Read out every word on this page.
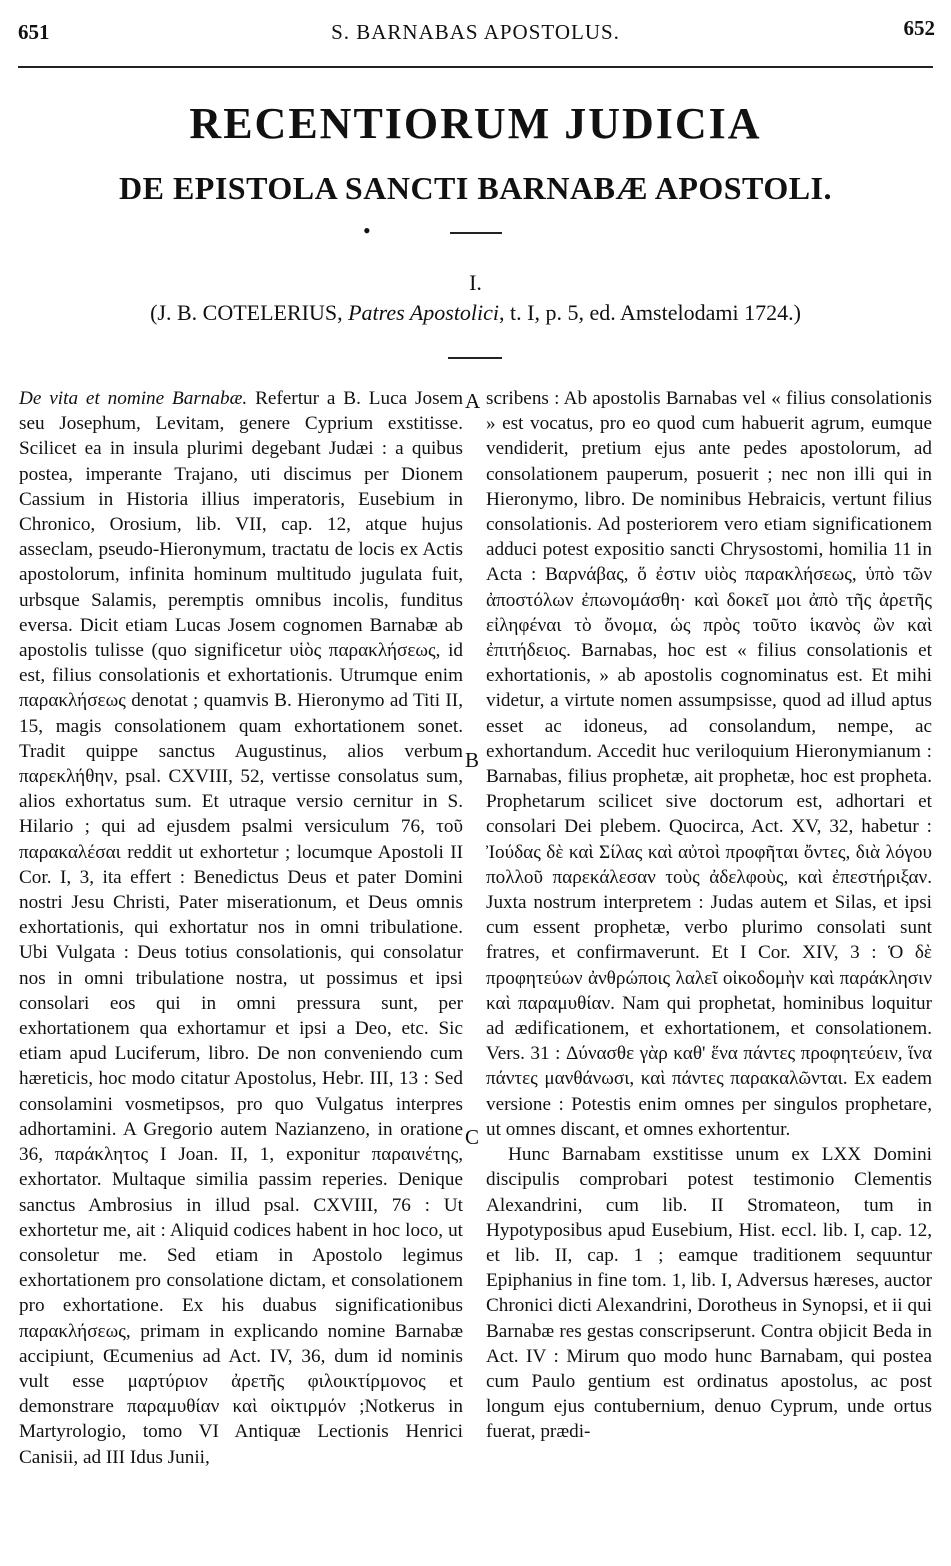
651	S. BARNABAS APOSTOLUS.	652
RECENTIORUM JUDICIA
DE EPISTOLA SANCTI BARNABÆ APOSTOLI.
•
I.
(J. B. COTELERIUS, Patres Apostolici, t. I, p. 5, ed. Amstelodami 1724.)

De vita et nomine Barnabæ. Refertur a B. Luca Josem seu Josephum, Levitam, genere Cyprium exstitisse. Scilicet ea in insula plurimi degebant Judæi : a quibus postea, imperante Trajano, uti discimus per Dionem Cassium in Historia illius imperatoris, Eusebium in Chronico, Orosium, lib. VII, cap. 12, atque hujus asseclam, pseudo-Hieronymum, tractatu de locis ex Actis apostolorum, infinita hominum multitudo jugulata fuit, urbsque Salamis, peremptis omnibus incolis, funditus eversa. Dicit etiam Lucas Josem cognomen Barnabæ ab apostolis tulisse (quo significetur υἱὸς παρακλήσεως, id est, filius consolationis et exhortationis. Utrumque enim παρακλήσεως denotat ; quamvis B. Hieronymo ad Titi II, 15, magis consolationem quam exhortationem sonet. Tradit quippe sanctus Augustinus, alios verbum παρεκλήθην, psal. CXVIII, 52, vertisse consolatus sum, alios exhortatus sum. Et utraque versio cernitur in S. Hilario ; qui ad ejusdem psalmi versiculum 76, τοῦ παρακαλέσαι reddit ut exhortetur ; locumque Apostoli II Cor. I, 3, ita effert : Benedictus Deus et pater Domini nostri Jesu Christi, Pater miserationum, et Deus omnis exhortationis, qui exhortatur nos in omni tribulatione. Ubi Vulgata : Deus totius consolationis, qui consolatur nos in omni tribulatione nostra, ut possimus et ipsi consolari eos qui in omni pressura sunt, per exhortationem qua exhortamur et ipsi a Deo, etc. Sic etiam apud Luciferum, libro. De non conveniendo cum hæreticis, hoc modo citatur Apostolus, Hebr. III, 13 : Sed consolamini vosmetipsos, pro quo Vulgatus interpres adhortamini. A Gregorio autem Nazianzeno, in oratione 36, παράκλητος I Joan. II, 1, exponitur παραινέτης, exhortator. Multaque similia passim reperies. Denique sanctus Ambrosius in illud psal. CXVIII, 76 : Ut exhortetur me, ait : Aliquid codices habent in hoc loco, ut consoletur me. Sed etiam in Apostolo legimus exhortationem pro consolatione dictam, et consolationem pro exhortatione. Ex his duabus significationibus παρακλήσεως, primam in explicando nomine Barnabæ accipiunt, Œcumenius ad Act. IV, 36, dum id nominis vult esse μαρτύριον ἀρετῆς φιλοικτίρμονος et demonstrare παραμυθίαν καὶ οἰκτιρμόν ;Notkerus in Martyrologio, tomo VI Antiquæ Lectionis Henrici Canisii, ad III Idus Junii,

A
B
C

scribens : Ab apostolis Barnabas vel « filius consolationis » est vocatus, pro eo quod cum habuerit agrum, eumque vendiderit, pretium ejus ante pedes apostolorum, ad consolationem pauperum, posuerit ; nec non illi qui in Hieronymo, libro. De nominibus Hebraicis, vertunt filius consolationis. Ad posteriorem vero etiam significationem adduci potest expositio sancti Chrysostomi, homilia 11 in Acta : Βαρνάβας, ὅ ἐστιν υἱὸς παρακλήσεως, ὑπὸ τῶν ἀποστόλων ἐπωνομάσθη· καὶ δοκεῖ μοι ἀπὸ τῆς ἀρετῆς εἰληφέναι τὸ ὄνομα, ὡς πρὸς τοῦτο ἱκανὸς ὢν καὶ ἐπιτήδειος. Barnabas, hoc est « filius consolationis et exhortationis, » ab apostolis cognominatus est. Et mihi videtur, a virtute nomen assumpsisse, quod ad illud aptus esset ac idoneus, ad consolandum, nempe, ac exhortandum. Accedit huc veriloquium Hieronymianum : Barnabas, filius prophetæ, ait prophetæ, hoc est propheta. Prophetarum scilicet sive doctorum est, adhortari et consolari Dei plebem. Quocirca, Act. XV, 32, habetur : Ἰούδας δὲ καὶ Σίλας καὶ αὐτοὶ προφῆται ὄντες, διὰ λόγου πολλοῦ παρεκάλεσαν τοὺς ἀδελφοὺς, καὶ ἐπεστήριξαν. Juxta nostrum interpretem : Judas autem et Silas, et ipsi cum essent prophetæ, verbo plurimo consolati sunt fratres, et confirmaverunt. Et I Cor. XIV, 3 : Ὁ δὲ προφητεύων ἀνθρώποις λαλεῖ οἰκοδομὴν καὶ παράκλησιν καὶ παραμυθίαν. Nam qui prophetat, hominibus loquitur ad ædificationem, et exhortationem, et consolationem. Vers. 31 : Δύνασθε γὰρ καθ' ἕνα πάντες προφητεύειν, ἵνα πάντες μανθάνωσι, καὶ πάντες παρακαλῶνται. Ex eadem versione : Potestis enim omnes per singulos prophetare, ut omnes discant, et omnes exhortentur.

Hunc Barnabam exstitisse unum ex LXX Domini discipulis comprobari potest testimonio Clementis Alexandrini, cum lib. II Stromateon, tum in Hypotyposibus apud Eusebium, Hist. eccl. lib. I, cap. 12, et lib. II, cap. 1 ; eamque traditionem sequuntur Epiphanius in fine tom. 1, lib. I, Adversus hæreses, auctor Chronici dicti Alexandrini, Dorotheus in Synopsi, et ii qui Barnabæ res gestas conscripserunt. Contra objicit Beda in Act. IV : Mirum quo modo hunc Barnabam, qui postea cum Paulo gentium est ordinatus apostolus, ac post longum ejus contubernium, denuo Cyprum, unde ortus fuerat, prædi-
